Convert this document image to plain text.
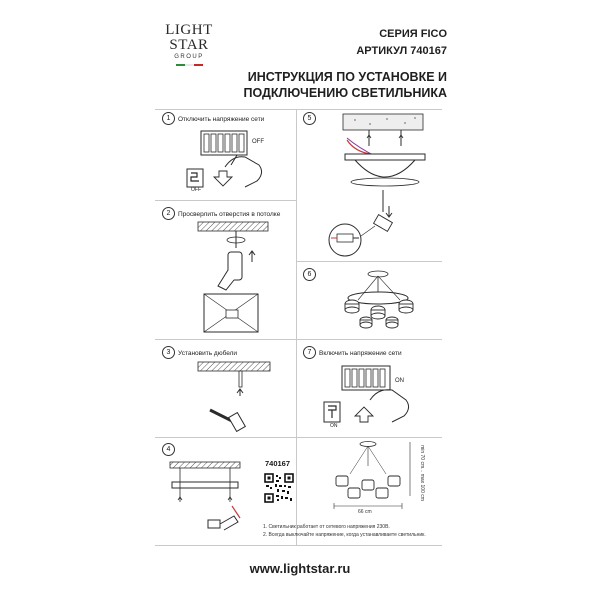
LIGHT
STAR
GROUP
СЕРИЯ FICO
АРТИКУЛ 740167
ИНСТРУКЦИЯ ПО УСТАНОВКЕ И
ПОДКЛЮЧЕНИЮ СВЕТИЛЬНИКА
1	Отключить напряжение сети
OFF
OFF
2	Просверлить отверстия в потолке
3	Установить дюбели
4
740167
5
6
7	Включить напряжение сети
ON
ON
66 cm
min 70 cm... max 100 cm
1. Светильник работает от сетевого напряжения 230В.
2. Всегда выключайте напряжение, когда устанавливаете светильник.
www.lightstar.ru
